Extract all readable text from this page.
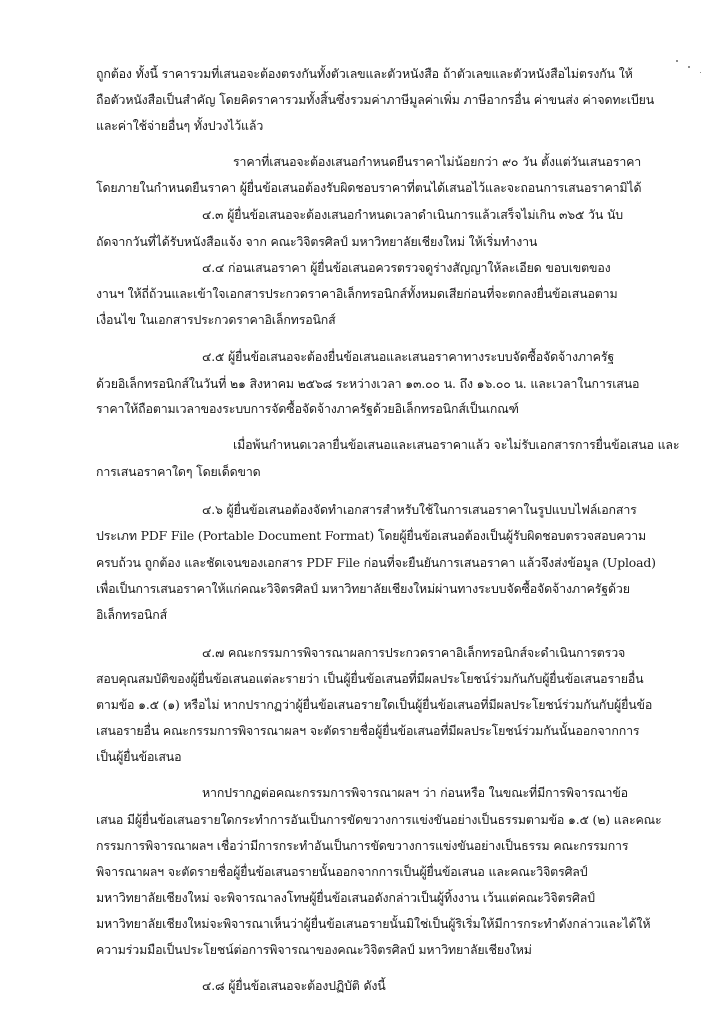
ถูกต้อง ทั้งนี้ ราคารวมที่เสนอจะต้องตรงกันทั้งตัวเลขและตัวหนังสือ ถ้าตัวเลขและตัวหนังสือไม่ตรงกัน ให้
ถือตัวหนังสือเป็นสำคัญ โดยคิดราคารวมทั้งสิ้นซึ่งรวมค่าภาษีมูลค่าเพิ่ม ภาษีอากรอื่น ค่าขนส่ง ค่าจดทะเบียน
และค่าใช้จ่ายอื่นๆ ทั้งปวงไว้แล้ว
ราคาที่เสนอจะต้องเสนอกำหนดยืนราคาไม่น้อยกว่า ๙๐ วัน ตั้งแต่วันเสนอราคา
โดยภายในกำหนดยืนราคา ผู้ยื่นข้อเสนอต้องรับผิดชอบราคาที่ตนได้เสนอไว้และจะถอนการเสนอราคามิได้
๔.๓ ผู้ยื่นข้อเสนอจะต้องเสนอกำหนดเวลาดำเนินการแล้วเสร็จไม่เกิน ๓๖๕ วัน นับ
ถัดจากวันที่ได้รับหนังสือแจ้ง จาก คณะวิจิตรศิลป์ มหาวิทยาลัยเชียงใหม่ ให้เริ่มทำงาน
๔.๔ ก่อนเสนอราคา ผู้ยื่นข้อเสนอควรตรวจดูร่างสัญญาให้ละเอียด ขอบเขตของ
งานฯ ให้ถี่ถ้วนและเข้าใจเอกสารประกวดราคาอิเล็กทรอนิกส์ทั้งหมดเสียก่อนที่จะตกลงยื่นข้อเสนอตาม
เงื่อนไข ในเอกสารประกวดราคาอิเล็กทรอนิกส์
๔.๕ ผู้ยื่นข้อเสนอจะต้องยื่นข้อเสนอและเสนอราคาทางระบบจัดซื้อจัดจ้างภาครัฐ
ด้วยอิเล็กทรอนิกส์ในวันที่ ๒๑ สิงหาคม ๒๕๖๘ ระหว่างเวลา ๑๓.๐๐ น. ถึง ๑๖.๐๐ น. และเวลาในการเสนอ
ราคาให้ถือตามเวลาของระบบการจัดซื้อจัดจ้างภาครัฐด้วยอิเล็กทรอนิกส์เป็นเกณฑ์
เมื่อพ้นกำหนดเวลายื่นข้อเสนอและเสนอราคาแล้ว จะไม่รับเอกสารการยื่นข้อเสนอ และ
การเสนอราคาใดๆ โดยเด็ดขาด
๔.๖ ผู้ยื่นข้อเสนอต้องจัดทำเอกสารสำหรับใช้ในการเสนอราคาในรูปแบบไฟล์เอกสาร
ประเภท PDF File (Portable Document Format) โดยผู้ยื่นข้อเสนอต้องเป็นผู้รับผิดชอบตรวจสอบความ
ครบถ้วน ถูกต้อง และชัดเจนของเอกสาร PDF File ก่อนที่จะยืนยันการเสนอราคา แล้วจึงส่งข้อมูล (Upload)
เพื่อเป็นการเสนอราคาให้แก่คณะวิจิตรศิลป์ มหาวิทยาลัยเชียงใหม่ผ่านทางระบบจัดซื้อจัดจ้างภาครัฐด้วย
อิเล็กทรอนิกส์
๔.๗ คณะกรรมการพิจารณาผลการประกวดราคาอิเล็กทรอนิกส์จะดำเนินการตรวจ
สอบคุณสมบัติของผู้ยื่นข้อเสนอแต่ละรายว่า เป็นผู้ยื่นข้อเสนอที่มีผลประโยชน์ร่วมกันกับผู้ยื่นข้อเสนอรายอื่น
ตามข้อ ๑.๕ (๑) หรือไม่ หากปรากฏว่าผู้ยื่นข้อเสนอรายใดเป็นผู้ยื่นข้อเสนอที่มีผลประโยชน์ร่วมกันกับผู้ยื่นข้อ
เสนอรายอื่น คณะกรรมการพิจารณาผลฯ จะตัดรายชื่อผู้ยื่นข้อเสนอที่มีผลประโยชน์ร่วมกันนั้นออกจากการ
เป็นผู้ยื่นข้อเสนอ
หากปรากฏต่อคณะกรรมการพิจารณาผลฯ ว่า ก่อนหรือ ในขณะที่มีการพิจารณาข้อ
เสนอ มีผู้ยื่นข้อเสนอรายใดกระทำการอันเป็นการขัดขวางการแข่งขันอย่างเป็นธรรมตามข้อ ๑.๕ (๒) และคณะ
กรรมการพิจารณาผลฯ เชื่อว่ามีการกระทำอันเป็นการขัดขวางการแข่งขันอย่างเป็นธรรม คณะกรรมการ
พิจารณาผลฯ จะตัดรายชื่อผู้ยื่นข้อเสนอรายนั้นออกจากการเป็นผู้ยื่นข้อเสนอ และคณะวิจิตรศิลป์
มหาวิทยาลัยเชียงใหม่ จะพิจารณาลงโทษผู้ยื่นข้อเสนอดังกล่าวเป็นผู้ทิ้งงาน เว้นแต่คณะวิจิตรศิลป์
มหาวิทยาลัยเชียงใหม่จะพิจารณาเห็นว่าผู้ยื่นข้อเสนอรายนั้นมิใช่เป็นผู้ริเริ่มให้มีการกระทำดังกล่าวและได้ให้
ความร่วมมือเป็นประโยชน์ต่อการพิจารณาของคณะวิจิตรศิลป์ มหาวิทยาลัยเชียงใหม่
๔.๘ ผู้ยื่นข้อเสนอจะต้องปฏิบัติ ดังนี้
